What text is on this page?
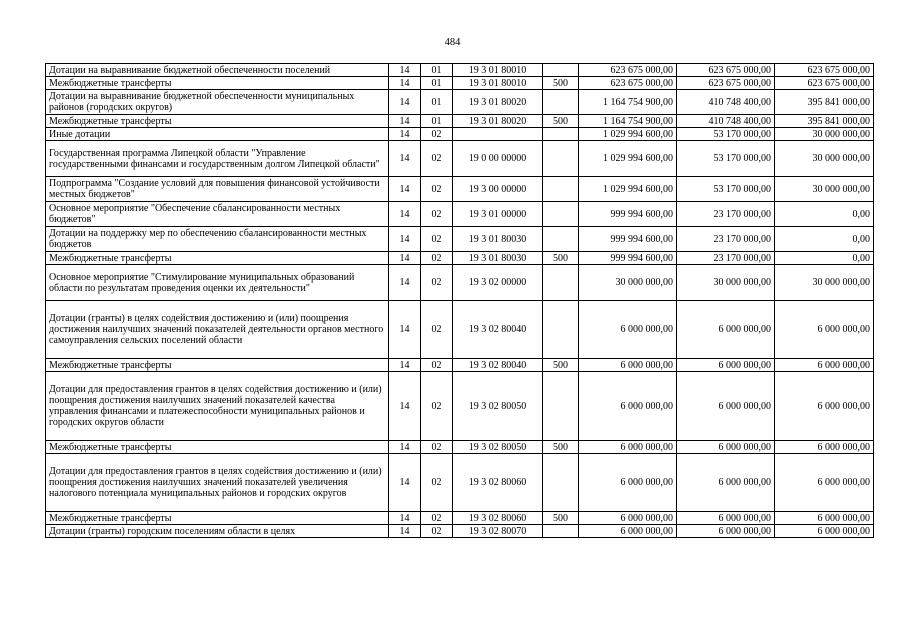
484
Дотации на выравнивание бюджетной обеспеченности поселений	14	01	19 3 01 80010		623 675 000,00	623 675 000,00	623 675 000,00
Межбюджетные трансферты	14	01	19 3 01 80010	500	623 675 000,00	623 675 000,00	623 675 000,00
Дотации на выравнивание бюджетной обеспеченности муниципальных районов (городских округов)	14	01	19 3 01 80020		1 164 754 900,00	410 748 400,00	395 841 000,00
Межбюджетные трансферты	14	01	19 3 01 80020	500	1 164 754 900,00	410 748 400,00	395 841 000,00
Иные дотации	14	02			1 029 994 600,00	53 170 000,00	30 000 000,00
Государственная программа Липецкой области "Управление государственными финансами и государственным долгом Липецкой области"	14	02	19 0 00 00000		1 029 994 600,00	53 170 000,00	30 000 000,00
Подпрограмма "Создание условий для повышения финансовой устойчивости местных бюджетов"	14	02	19 3 00 00000		1 029 994 600,00	53 170 000,00	30 000 000,00
Основное мероприятие "Обеспечение сбалансированности местных бюджетов"	14	02	19 3 01 00000		999 994 600,00	23 170 000,00	0,00
Дотации на поддержку мер по обеспечению сбалансированности местных бюджетов	14	02	19 3 01 80030		999 994 600,00	23 170 000,00	0,00
Межбюджетные трансферты	14	02	19 3 01 80030	500	999 994 600,00	23 170 000,00	0,00
Основное мероприятие "Стимулирование муниципальных образований области по результатам проведения оценки их деятельности"	14	02	19 3 02 00000		30 000 000,00	30 000 000,00	30 000 000,00
Дотации (гранты) в целях содействия достижению и (или) поощрения достижения наилучших значений показателей деятельности органов местного самоуправления сельских поселений области	14	02	19 3 02 80040		6 000 000,00	6 000 000,00	6 000 000,00
Межбюджетные трансферты	14	02	19 3 02 80040	500	6 000 000,00	6 000 000,00	6 000 000,00
Дотации для предоставления грантов в целях содействия достижению и (или) поощрения достижения наилучших значений показателей качества управления финансами и платежеспособности муниципальных районов и городских округов области	14	02	19 3 02 80050		6 000 000,00	6 000 000,00	6 000 000,00
Межбюджетные трансферты	14	02	19 3 02 80050	500	6 000 000,00	6 000 000,00	6 000 000,00
Дотации для предоставления грантов в целях содействия достижению и (или) поощрения достижения наилучших значений показателей увеличения налогового потенциала муниципальных районов и городских округов	14	02	19 3 02 80060		6 000 000,00	6 000 000,00	6 000 000,00
Межбюджетные трансферты	14	02	19 3 02 80060	500	6 000 000,00	6 000 000,00	6 000 000,00
Дотации (гранты) городским поселениям области в целях	14	02	19 3 02 80070		6 000 000,00	6 000 000,00	6 000 000,00
